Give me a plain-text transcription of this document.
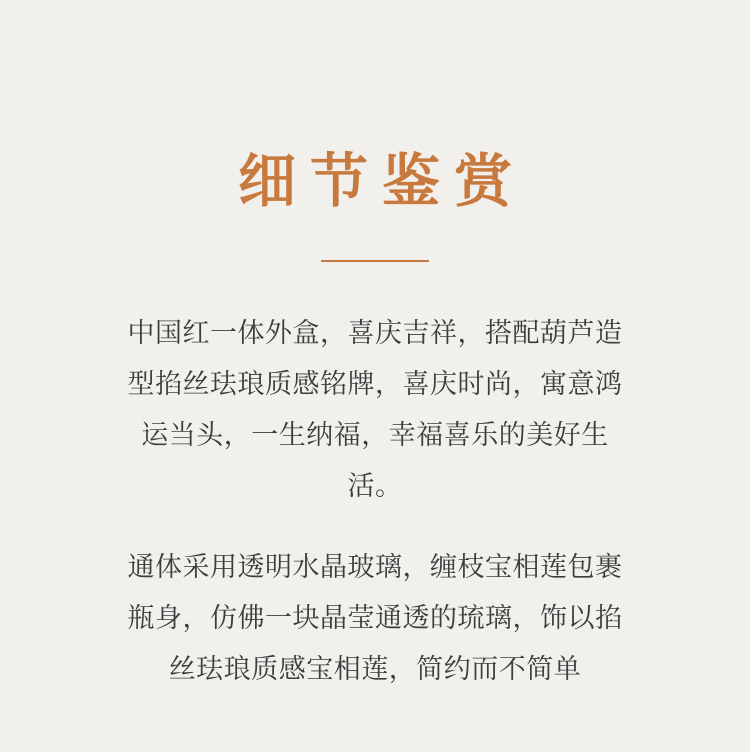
细节鉴赏

中国红一体外盒，喜庆吉祥，搭配葫芦造型掐丝珐琅质感铭牌，喜庆时尚，寓意鸿运当头，一生纳福，幸福喜乐的美好生活。

通体采用透明水晶玻璃，缠枝宝相莲包裹瓶身，仿佛一块晶莹通透的琉璃，饰以掐丝珐琅质感宝相莲，简约而不简单
